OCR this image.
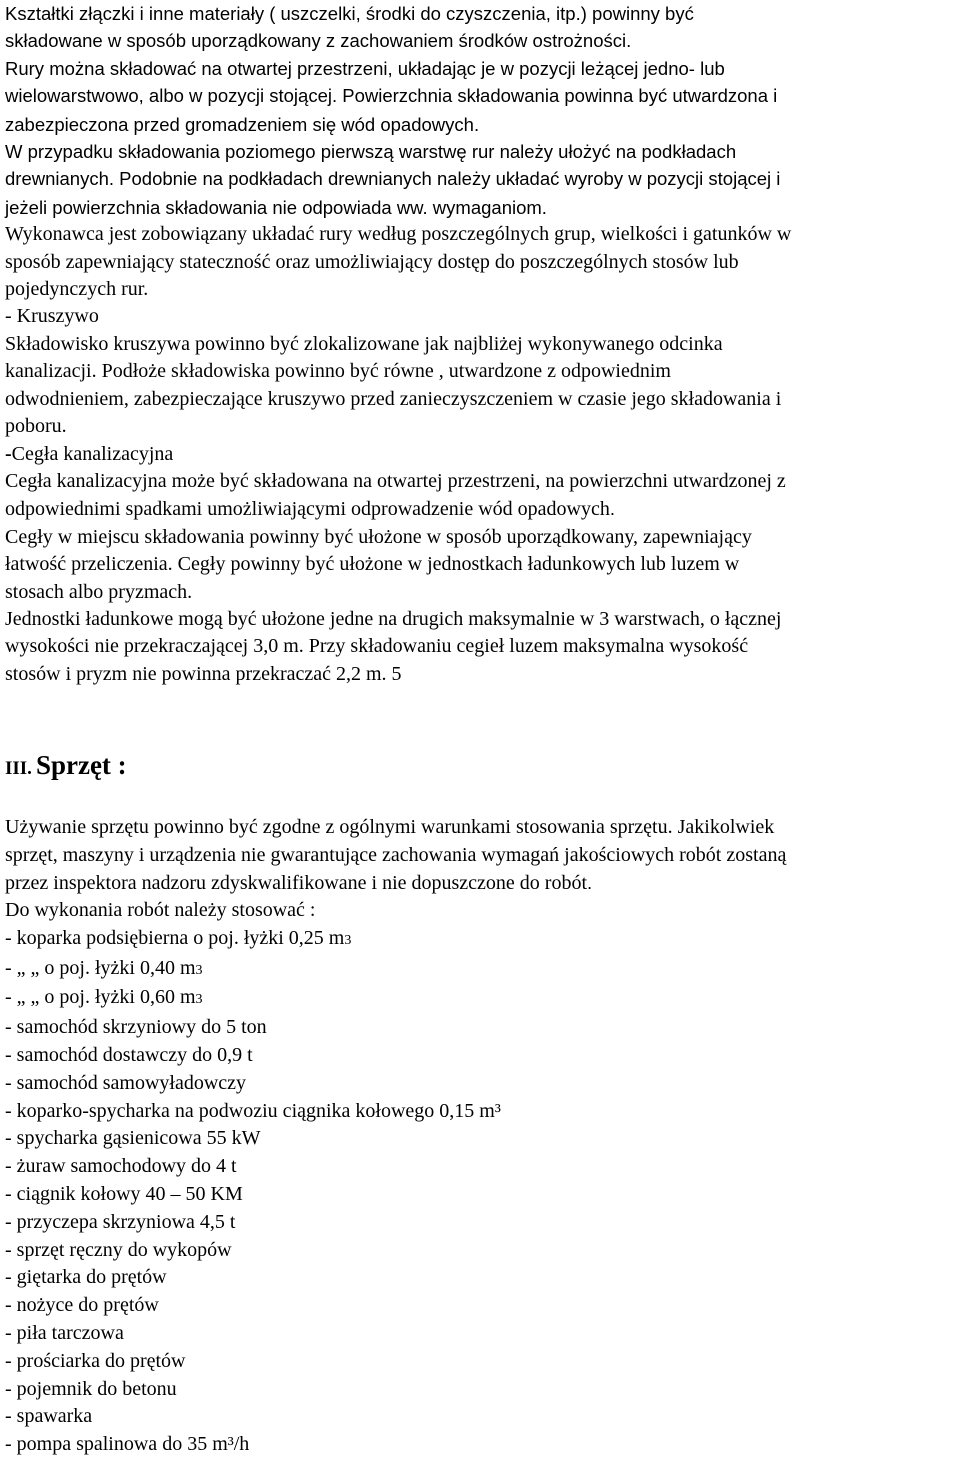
Kształtki złączki i inne materiały ( uszczelki, środki do czyszczenia, itp.) powinny być
składowane w sposób uporządkowany z zachowaniem środków ostrożności.
Rury można składować na otwartej przestrzeni, układając je w pozycji leżącej jedno- lub
wielowarstwowo, albo w pozycji stojącej. Powierzchnia składowania powinna być utwardzona i
zabezpieczona przed gromadzeniem się wód opadowych.
W przypadku składowania poziomego pierwszą warstwę rur należy ułożyć na podkładach
drewnianych. Podobnie na podkładach drewnianych należy układać wyroby w pozycji stojącej i
jeżeli powierzchnia składowania nie odpowiada ww. wymaganiom.
Wykonawca jest zobowiązany układać rury według poszczególnych grup, wielkości i gatunków w
sposób zapewniający stateczność oraz umożliwiający dostęp do poszczególnych stosów lub
pojedynczych rur.
- Kruszywo
Składowisko kruszywa powinno być zlokalizowane jak najbliżej wykonywanego odcinka
kanalizacji. Podłoże składowiska powinno być równe , utwardzone z odpowiednim
odwodnieniem, zabezpieczające kruszywo przed zanieczyszczeniem w czasie jego składowania i
poboru.
-Cegła kanalizacyjna
Cegła kanalizacyjna może być składowana na otwartej przestrzeni, na powierzchni utwardzonej z
odpowiednimi spadkami umożliwiającymi odprowadzenie wód opadowych.
Cegły w miejscu składowania powinny być ułożone w sposób uporządkowany, zapewniający
łatwość przeliczenia. Cegły powinny być ułożone w jednostkach ładunkowych lub luzem w
stosach albo pryzmach.
Jednostki ładunkowe mogą być ułożone jedne na drugich maksymalnie w 3 warstwach, o łącznej
wysokości nie przekraczającej 3,0 m. Przy składowaniu cegieł luzem maksymalna wysokość
stosów i pryzm nie powinna przekraczać 2,2 m. 5
III. Sprzęt :
Używanie sprzętu powinno być zgodne z ogólnymi warunkami stosowania sprzętu. Jakikolwiek
sprzęt, maszyny i urządzenia nie gwarantujące zachowania wymagań jakościowych robót zostaną
przez inspektora nadzoru zdyskwalifikowane i nie dopuszczone do robót.
Do wykonania robót należy stosować :
- koparka podsiębierna o poj. łyżki 0,25 m3
- „ „ o poj. łyżki 0,40 m3
- „ „ o poj. łyżki 0,60 m3
- samochód skrzyniowy do 5 ton
- samochód dostawczy do 0,9 t
- samochód samowyładowczy
- koparko-spycharka na podwoziu ciągnika kołowego 0,15 m³
- spycharka gąsienicowa 55 kW
- żuraw samochodowy do 4 t
- ciągnik kołowy 40 – 50 KM
- przyczepa skrzyniowa 4,5 t
- sprzęt ręczny do wykopów
- giętarka do prętów
- nożyce do prętów
- piła tarczowa
- prościarka do prętów
- pojemnik do betonu
- spawarka
- pompa spalinowa do 35 m³/h
